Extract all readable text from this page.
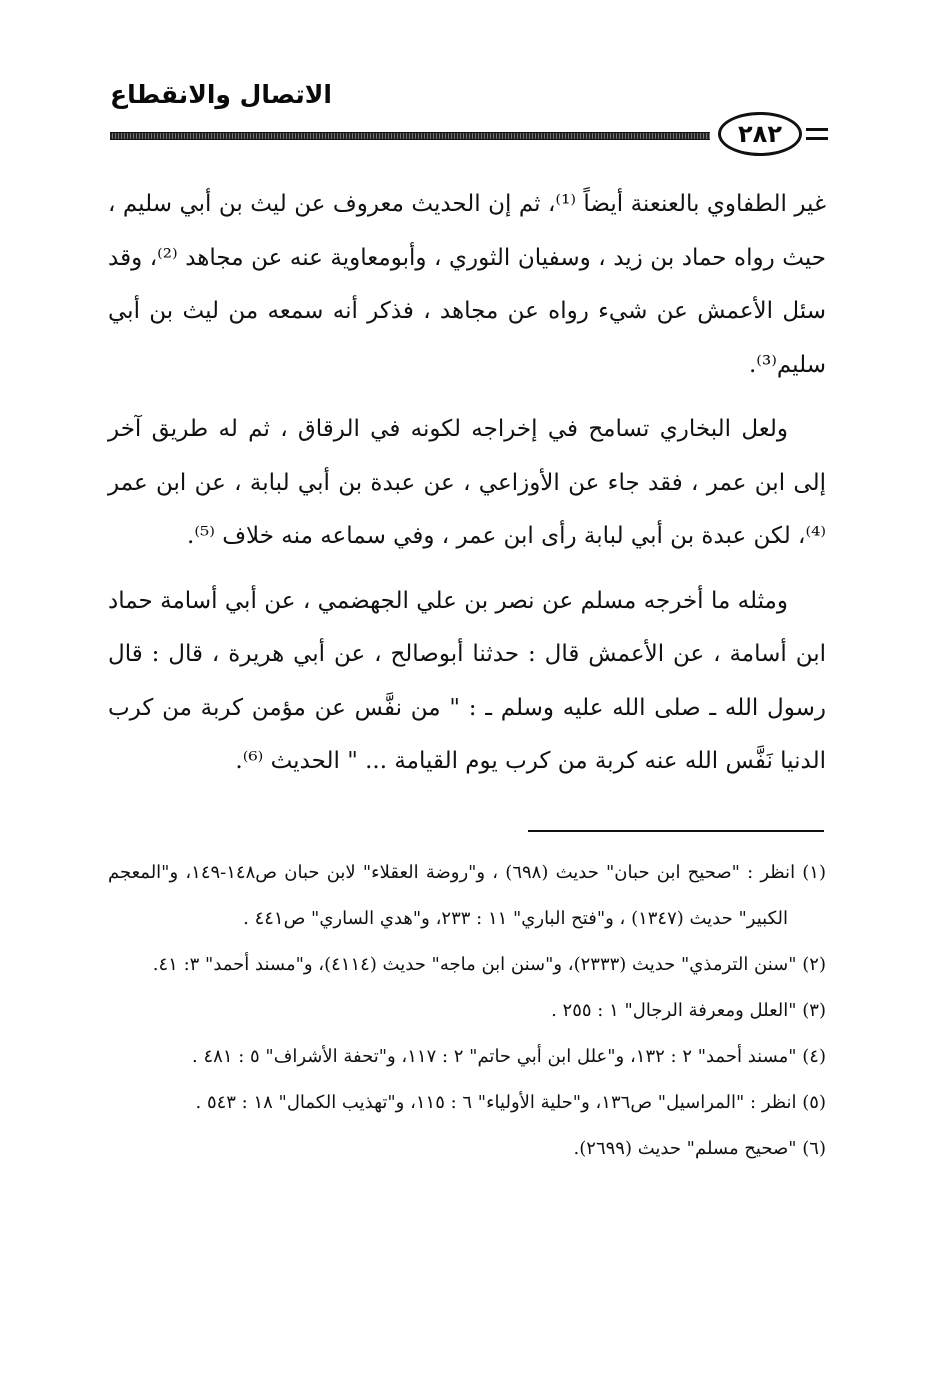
الاتصال والانقطاع
٢٨٢

غير الطفاوي بالعنعنة أيضاً ⁽¹⁾، ثم إن الحديث معروف عن ليث بن أبي سليم ، حيث رواه حماد بن زيد ، وسفيان الثوري ، وأبومعاوية عنه عن مجاهد ⁽²⁾، وقد سئل الأعمش عن شيء رواه عن مجاهد ، فذكر أنه سمعه من ليث بن أبي سليم⁽³⁾.

ولعل البخاري تسامح في إخراجه لكونه في الرقاق ، ثم له طريق آخر إلى ابن عمر ، فقد جاء عن الأوزاعي ، عن عبدة بن أبي لبابة ، عن ابن عمر ⁽⁴⁾، لكن عبدة بن أبي لبابة رأى ابن عمر ، وفي سماعه منه خلاف ⁽⁵⁾.

ومثله ما أخرجه مسلم عن نصر بن علي الجهضمي ، عن أبي أسامة حماد ابن أسامة ، عن الأعمش قال : حدثنا أبوصالح ، عن أبي هريرة ، قال : قال رسول الله ـ صلى الله عليه وسلم ـ : " من نفَّس عن مؤمن كربة من كرب الدنيا نَفَّس الله عنه كربة من كرب يوم القيامة ... " الحديث ⁽⁶⁾.

(١) انظر : "صحيح ابن حبان" حديث (٦٩٨) ، و"روضة العقلاء" لابن حبان ص١٤٨-١٤٩، و"المعجم الكبير" حديث (١٣٤٧) ، و"فتح الباري" ١١ : ٢٣٣، و"هدي الساري" ص٤٤١ .

(٢) "سنن الترمذي" حديث (٢٣٣٣)، و"سنن ابن ماجه" حديث (٤١١٤)، و"مسند أحمد" ٣: ٤١.

(٣) "العلل ومعرفة الرجال" ١ : ٢٥٥ .

(٤) "مسند أحمد" ٢ : ١٣٢، و"علل ابن أبي حاتم" ٢ : ١١٧، و"تحفة الأشراف" ٥ : ٤٨١ .

(٥) انظر : "المراسيل" ص١٣٦، و"حلية الأولياء" ٦ : ١١٥، و"تهذيب الكمال" ١٨ : ٥٤٣ .

(٦) "صحيح مسلم" حديث (٢٦٩٩).
